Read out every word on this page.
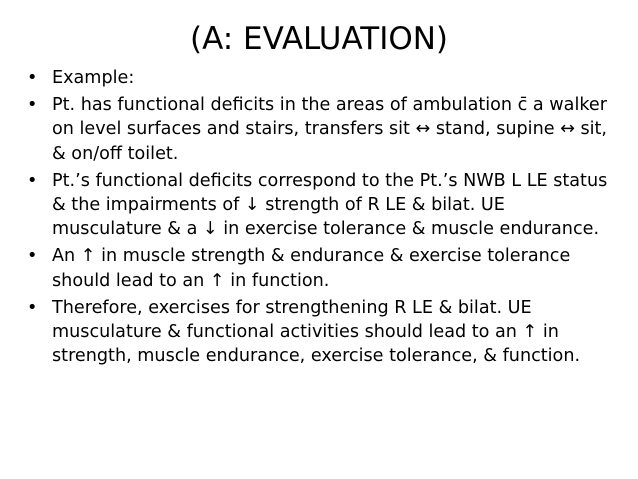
(A: EVALUATION)
• Example:
• Pt. has functional deficits in the areas of ambulation c̄ a walker on level surfaces and stairs, transfers sit ↔ stand, supine ↔ sit, & on/off toilet.
• Pt.’s functional deficits correspond to the Pt.’s NWB L LE status & the impairments of ↓ strength of R LE & bilat. UE musculature & a ↓ in exercise tolerance & muscle endurance.
• An ↑ in muscle strength & endurance & exercise tolerance should lead to an ↑ in function.
• Therefore, exercises for strengthening R LE & bilat. UE musculature & functional activities should lead to an ↑ in strength, muscle endurance, exercise tolerance, & function.
